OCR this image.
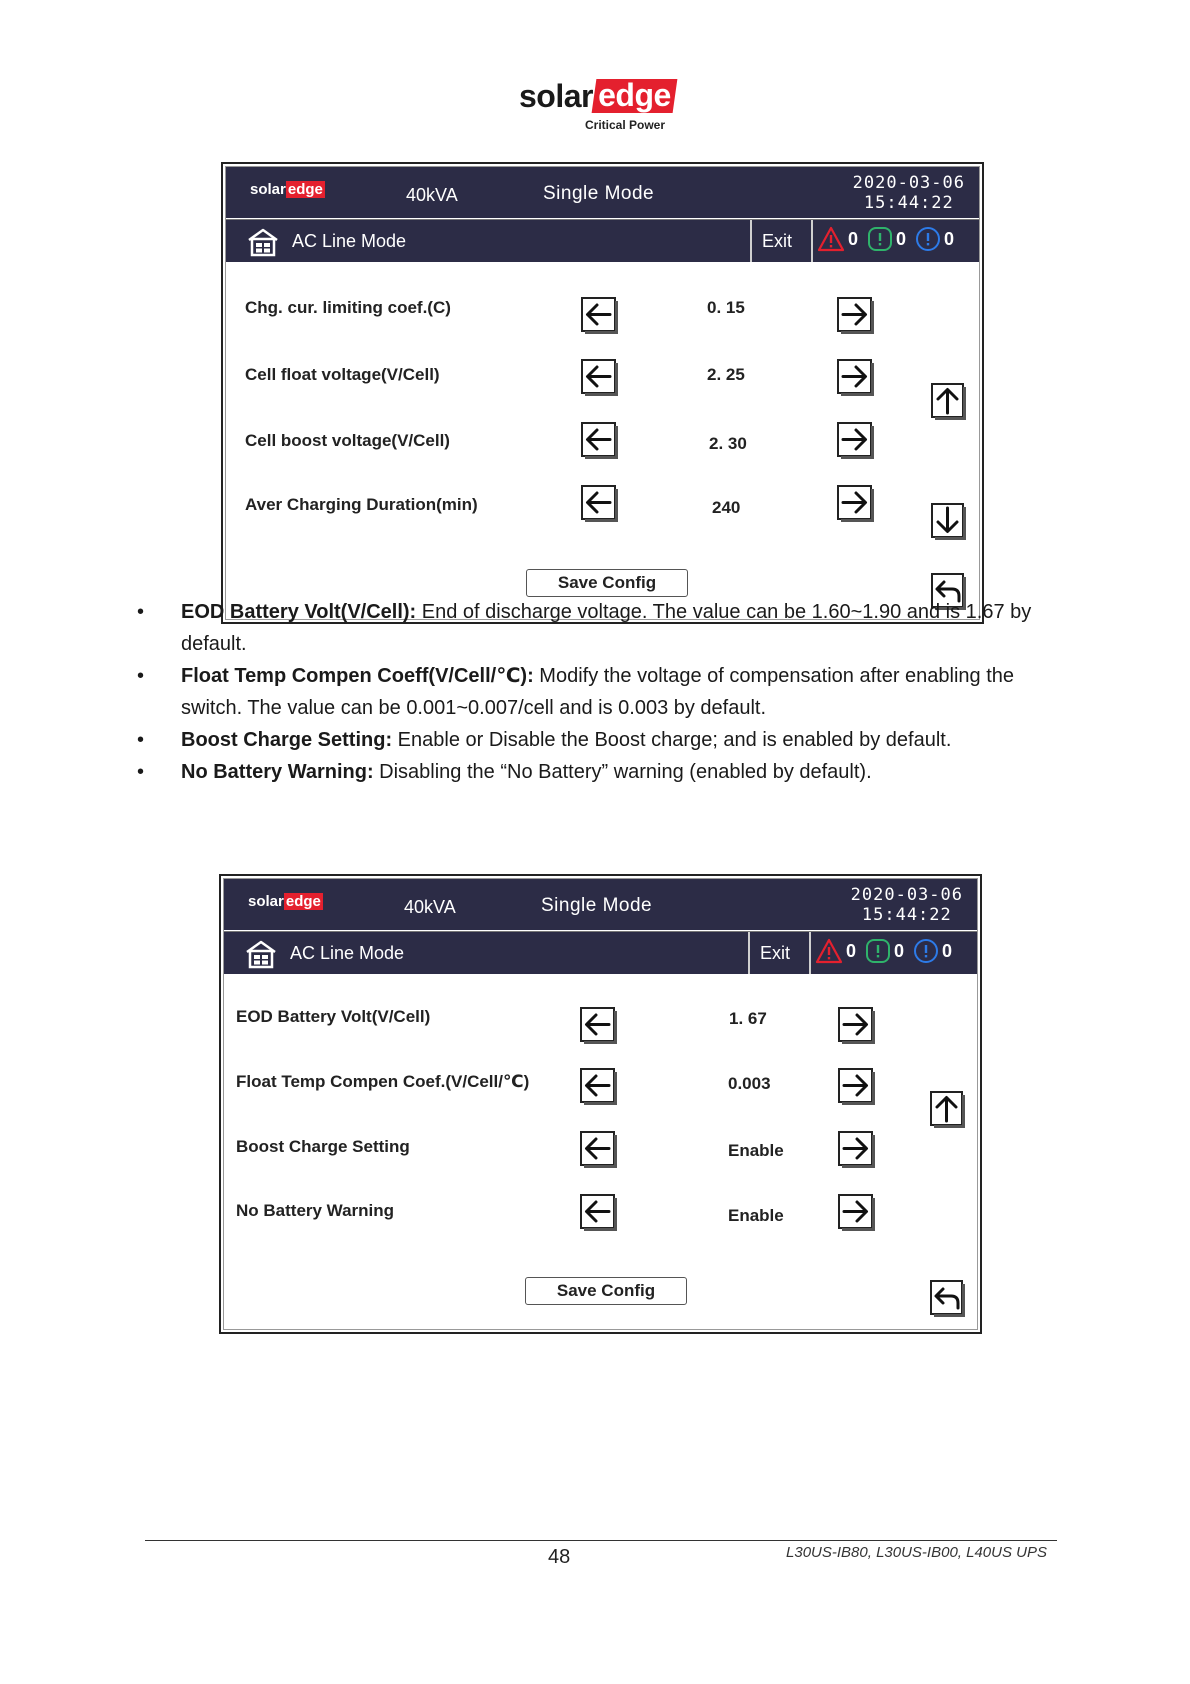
solar edge
Critical Power
solar edge	40kVA	Single Mode	2020-03-06
15:44:22
AC Line Mode	Exit	0 0 0
Chg. cur. limiting coef.(C)	0. 15
Cell float voltage(V/Cell)	2. 25
Cell boost voltage(V/Cell)	2. 30
Aver Charging Duration(min)	240
Save Config
• EOD Battery Volt(V/Cell): End of discharge voltage. The value can be 1.60~1.90 and is 1.67 by default.
• Float Temp Compen Coeff(V/Cell/℃): Modify the voltage of compensation after enabling the switch. The value can be 0.001~0.007/cell and is 0.003 by default.
• Boost Charge Setting: Enable or Disable the Boost charge; and is enabled by default.
• No Battery Warning: Disabling the “No Battery” warning (enabled by default).
solar edge	40kVA	Single Mode	2020-03-06
15:44:22
AC Line Mode	Exit	0 0 0
EOD Battery Volt(V/Cell)	1. 67
Float Temp Compen Coef.(V/Cell/℃)	0.003
Boost Charge Setting	Enable
No Battery Warning	Enable
Save Config
48	L30US-IB80, L30US-IB00, L40US UPS
